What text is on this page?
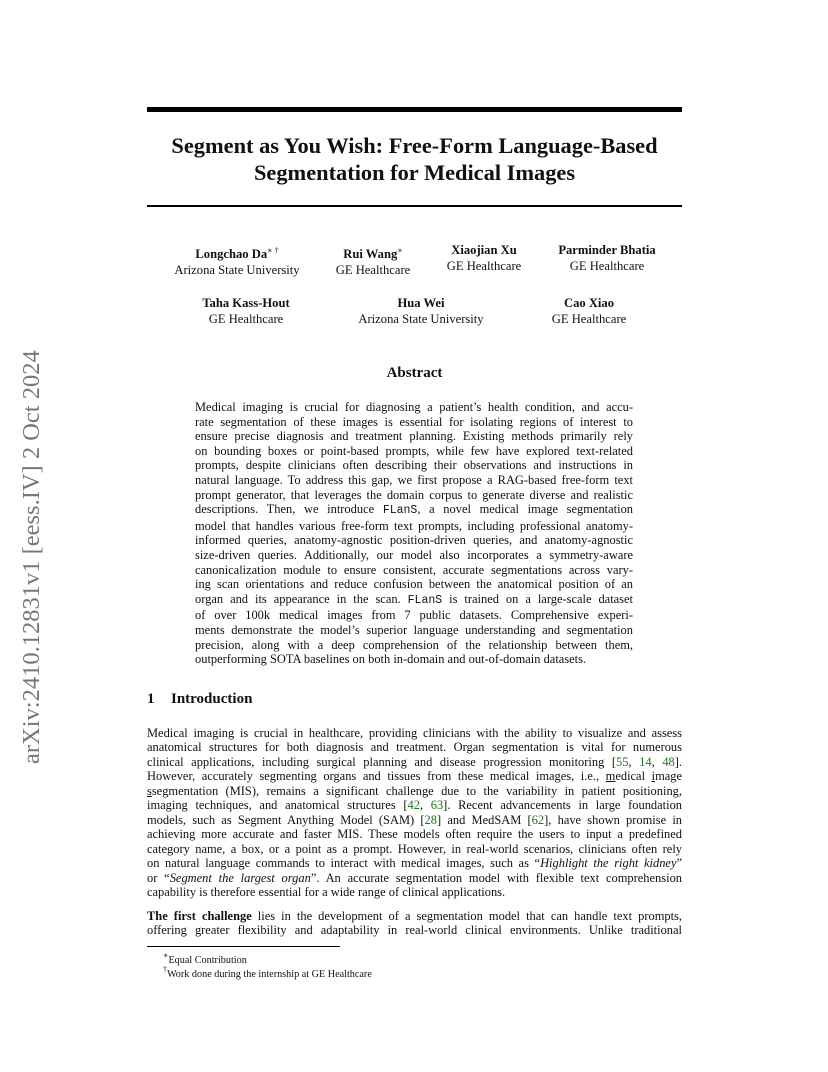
arXiv:2410.12831v1 [eess.IV] 2 Oct 2024
Segment as You Wish: Free-Form Language-Based
Segmentation for Medical Images
Longchao Da∗ †
Arizona State University
Rui Wang∗
GE Healthcare
Xiaojian Xu
GE Healthcare
Parminder Bhatia
GE Healthcare
Taha Kass-Hout
GE Healthcare
Hua Wei
Arizona State University
Cao Xiao
GE Healthcare
Abstract
Medical imaging is crucial for diagnosing a patient’s health condition, and accu-
rate segmentation of these images is essential for isolating regions of interest to
ensure precise diagnosis and treatment planning. Existing methods primarily rely
on bounding boxes or point-based prompts, while few have explored text-related
prompts, despite clinicians often describing their observations and instructions in
natural language. To address this gap, we first propose a RAG-based free-form text
prompt generator, that leverages the domain corpus to generate diverse and realistic
descriptions. Then, we introduce FLanS, a novel medical image segmentation
model that handles various free-form text prompts, including professional anatomy-
informed queries, anatomy-agnostic position-driven queries, and anatomy-agnostic
size-driven queries. Additionally, our model also incorporates a symmetry-aware
canonicalization module to ensure consistent, accurate segmentations across vary-
ing scan orientations and reduce confusion between the anatomical position of an
organ and its appearance in the scan. FLanS is trained on a large-scale dataset
of over 100k medical images from 7 public datasets. Comprehensive experi-
ments demonstrate the model’s superior language understanding and segmentation
precision, along with a deep comprehension of the relationship between them,
outperforming SOTA baselines on both in-domain and out-of-domain datasets.
1 Introduction
Medical imaging is crucial in healthcare, providing clinicians with the ability to visualize and assess
anatomical structures for both diagnosis and treatment. Organ segmentation is vital for numerous
clinical applications, including surgical planning and disease progression monitoring [55, 14, 48].
However, accurately segmenting organs and tissues from these medical images, i.e., medical image
ssegmentation (MIS), remains a significant challenge due to the variability in patient positioning,
imaging techniques, and anatomical structures [42, 63]. Recent advancements in large foundation
models, such as Segment Anything Model (SAM) [28] and MedSAM [62], have shown promise in
achieving more accurate and faster MIS. These models often require the users to input a predefined
category name, a box, or a point as a prompt. However, in real-world scenarios, clinicians often rely
on natural language commands to interact with medical images, such as “Highlight the right kidney”
or “Segment the largest organ”. An accurate segmentation model with flexible text comprehension
capability is therefore essential for a wide range of clinical applications.
The first challenge lies in the development of a segmentation model that can handle text prompts,
offering greater flexibility and adaptability in real-world clinical environments. Unlike traditional
∗Equal Contribution
†Work done during the internship at GE Healthcare
